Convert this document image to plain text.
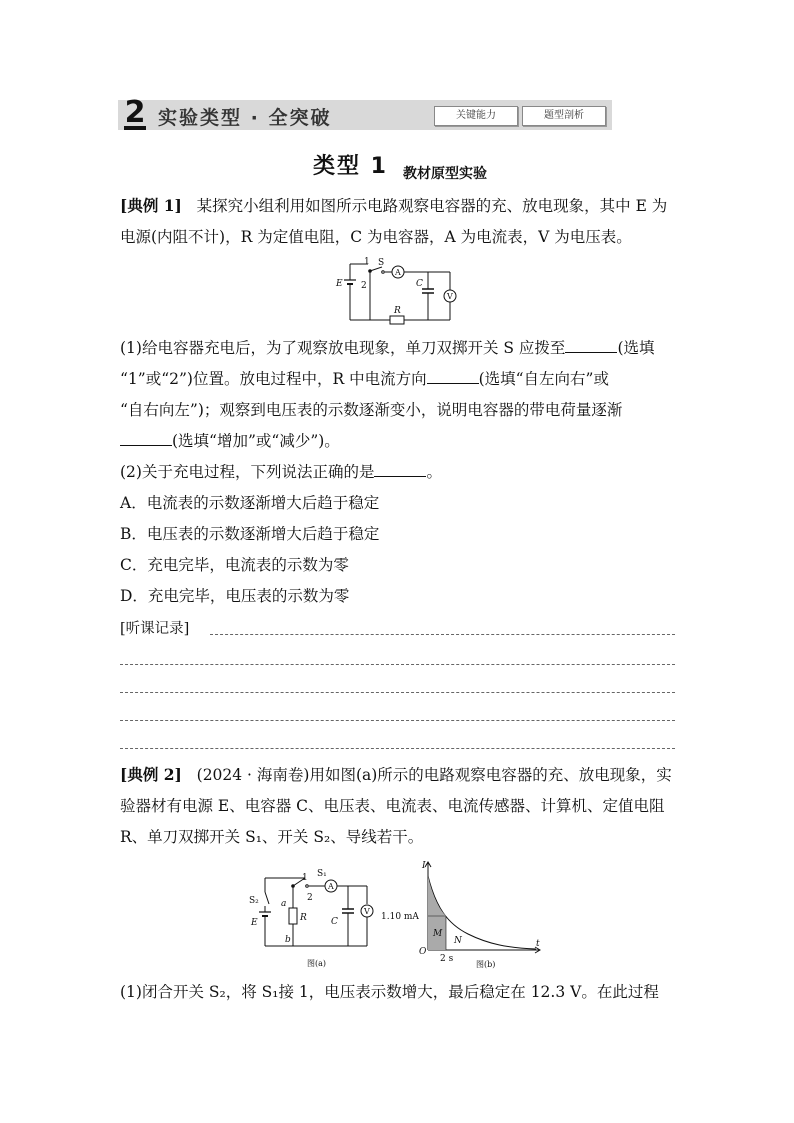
2 实验类型 · 全突破	关键能力	题型剖析
类型 1 教材原型实验
[典例 1] 某探究小组利用如图所示电路观察电容器的充、放电现象，其中 E 为
电源(内阻不计)，R 为定值电阻，C 为电容器，A 为电流表，V 为电压表。
1
2
S
A
V
E	C
R
(1)给电容器充电后，为了观察放电现象，单刀双掷开关 S 应拨至	(选填
“1”或“2”)位置。放电过程中，R 中电流方向	(选填“自左向右”或
“自右向左”)；观察到电压表的示数逐渐变小，说明电容器的带电荷量逐渐
(选填“增加”或“减少”)。
(2)关于充电过程，下列说法正确的是	。
A．电流表的示数逐渐增大后趋于稳定
B．电压表的示数逐渐增大后趋于稳定
C．充电完毕，电流表的示数为零
D．充电完毕，电压表的示数为零
[听课记录]
[典例 2] (2024 · 海南卷)用如图(a)所示的电路观察电容器的充、放电现象，实
验器材有电源 E、电容器 C、电压表、电流表、电流传感器、计算机、定值电阻
R、单刀双掷开关 S₁、开关 S₂、导线若干。
S₁
1
2
S₂ a
b
R	C
E
A
V
图(a)
I
t
O
M
N
1.10 mA
2 s
图(b)
(1)闭合开关 S₂，将 S₁接 1，电压表示数增大，最后稳定在 12.3 V。在此过程
